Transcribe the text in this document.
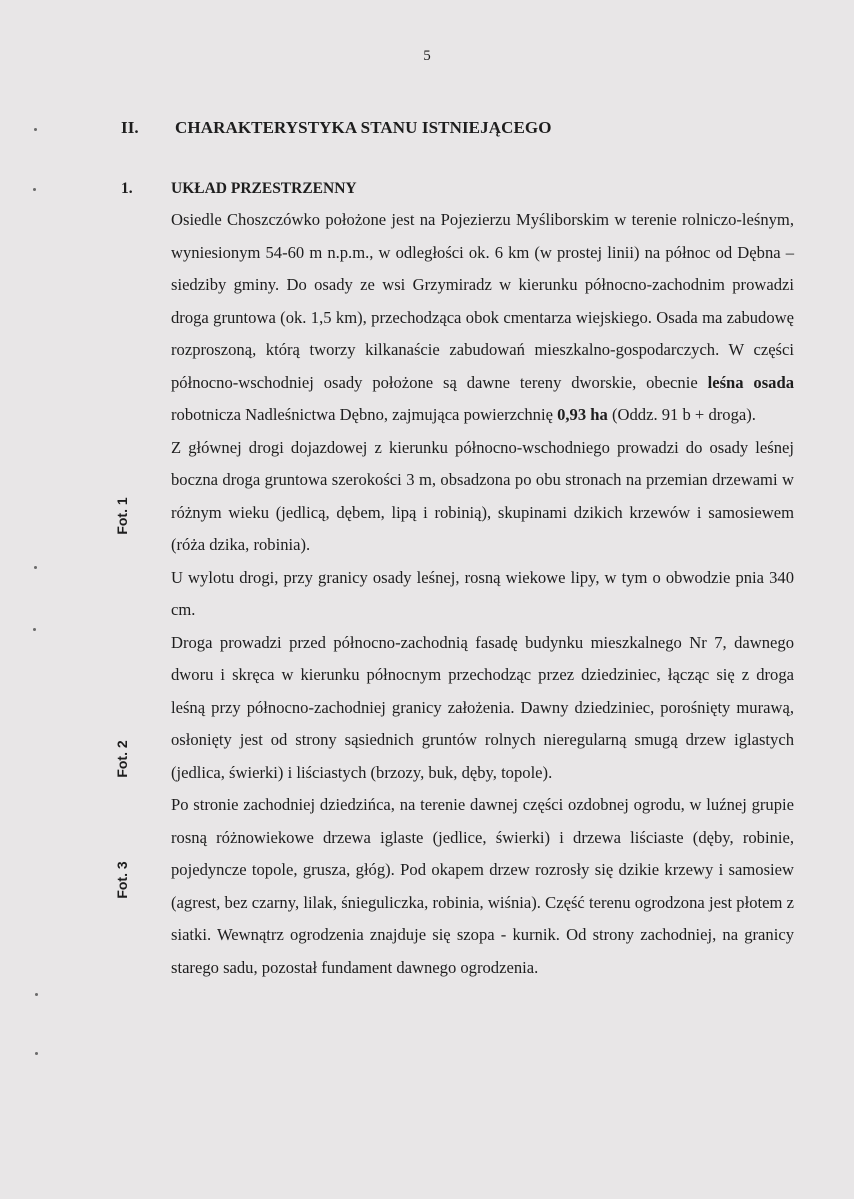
5
II. CHARAKTERYSTYKA STANU ISTNIEJĄCEGO
1. UKŁAD PRZESTRZENNY
Fot. 1
Fot. 2
Fot. 3

Osiedle Choszczówko położone jest na Pojezierzu Myśliborskim w terenie rolniczo-leśnym, wyniesionym 54-60 m n.p.m., w odległości ok. 6 km (w prostej linii) na północ od Dębna – siedziby gminy. Do osady ze wsi Grzymiradz w kierunku północno-zachodnim prowadzi droga gruntowa (ok. 1,5 km), przechodząca obok cmentarza wiejskiego. Osada ma zabudowę rozproszoną, którą tworzy kilkanaście zabudowań mieszkalno-gospodarczych. W części północno-wschodniej osady położone są dawne tereny dworskie, obecnie leśna osada robotnicza Nadleśnictwa Dębno, zajmująca powierzchnię 0,93 ha (Oddz. 91 b + droga).

Z głównej drogi dojazdowej z kierunku północno-wschodniego prowadzi do osady leśnej boczna droga gruntowa szerokości 3 m, obsadzona po obu stronach na przemian drzewami w różnym wieku (jedlicą, dębem, lipą i robinią), skupinami dzikich krzewów i samosiewem (róża dzika, robinia).

U wylotu drogi, przy granicy osady leśnej, rosną wiekowe lipy, w tym o obwodzie pnia 340 cm.

Droga prowadzi przed północno-zachodnią fasadę budynku mieszkalnego Nr 7, dawnego dworu i skręca w kierunku północnym przechodząc przez dziedziniec, łącząc się z droga leśną przy północno-zachodniej granicy założenia. Dawny dziedziniec, porośnięty murawą, osłonięty jest od strony sąsiednich gruntów rolnych nieregularną smugą drzew iglastych (jedlica, świerki) i liściastych (brzozy, buk, dęby, topole).

Po stronie zachodniej dziedzińca, na terenie dawnej części ozdobnej ogrodu, w luźnej grupie rosną różnowiekowe drzewa iglaste (jedlice, świerki) i drzewa liściaste (dęby, robinie, pojedyncze topole, grusza, głóg). Pod okapem drzew rozrosły się dzikie krzewy i samosiew (agrest, bez czarny, lilak, śnieguliczka, robinia, wiśnia). Część terenu ogrodzona jest płotem z siatki. Wewnątrz ogrodzenia znajduje się szopa - kurnik. Od strony zachodniej, na granicy starego sadu, pozostał fundament dawnego ogrodzenia.
